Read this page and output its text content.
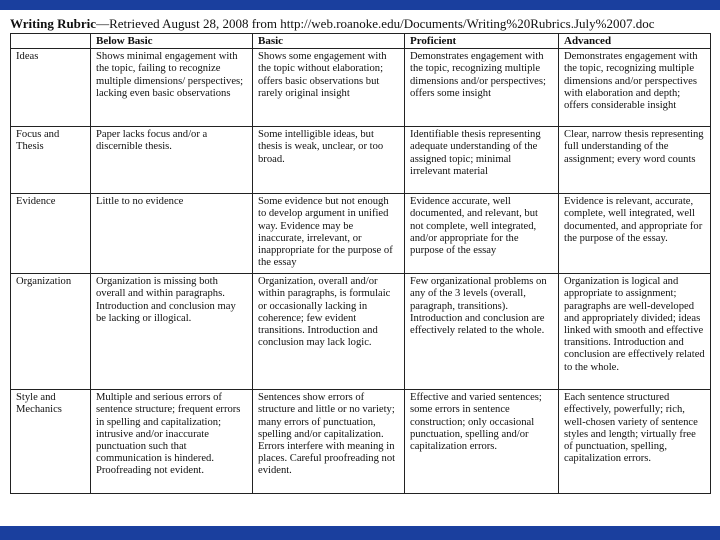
Writing Rubric—Retrieved August 28, 2008 from http://web.roanoke.edu/Documents/Writing%20Rubrics.July%2007.doc
	Below Basic	Basic	Proficient	Advanced
Ideas	Shows minimal engagement with the topic, failing to recognize multiple dimensions/ perspectives; lacking even basic observations	Shows some engagement with the topic without elaboration; offers basic observations but rarely original insight	Demonstrates engagement with the topic, recognizing multiple dimensions and/or perspectives; offers some insight	Demonstrates engagement with the topic, recognizing multiple dimensions and/or perspectives with elaboration and depth; offers considerable insight
Focus and Thesis	Paper lacks focus and/or a discernible thesis.	Some intelligible ideas, but thesis is weak, unclear, or too broad.	Identifiable thesis representing adequate understanding of the assigned topic; minimal irrelevant material	Clear, narrow thesis representing full understanding of the assignment; every word counts
Evidence	Little to no evidence	Some evidence but not enough to develop argument in unified way. Evidence may be inaccurate, irrelevant, or inappropriate for the purpose of the essay	Evidence accurate, well documented, and relevant, but not complete, well integrated, and/or appropriate for the purpose of the essay	Evidence is relevant, accurate, complete, well integrated, well documented, and appropriate for the purpose of the essay.
Organization	Organization is missing both overall and within paragraphs. Introduction and conclusion may be lacking or illogical.	Organization, overall and/or within paragraphs, is formulaic or occasionally lacking in coherence; few evident transitions. Introduction and conclusion may lack logic.	Few organizational problems on any of the 3 levels (overall, paragraph, transitions). Introduction and conclusion are effectively related to the whole.	Organization is logical and appropriate to assignment; paragraphs are well-developed and appropriately divided; ideas linked with smooth and effective transitions. Introduction and conclusion are effectively related to the whole.
Style and Mechanics	Multiple and serious errors of sentence structure; frequent errors in spelling and capitalization; intrusive and/or inaccurate punctuation such that communication is hindered. Proofreading not evident.	Sentences show errors of structure and little or no variety; many errors of punctuation, spelling and/or capitalization. Errors interfere with meaning in places. Careful proofreading not evident.	Effective and varied sentences; some errors in sentence construction; only occasional punctuation, spelling and/or capitalization errors.	Each sentence structured effectively, powerfully; rich, well-chosen variety of sentence styles and length; virtually free of punctuation, spelling, capitalization errors.
